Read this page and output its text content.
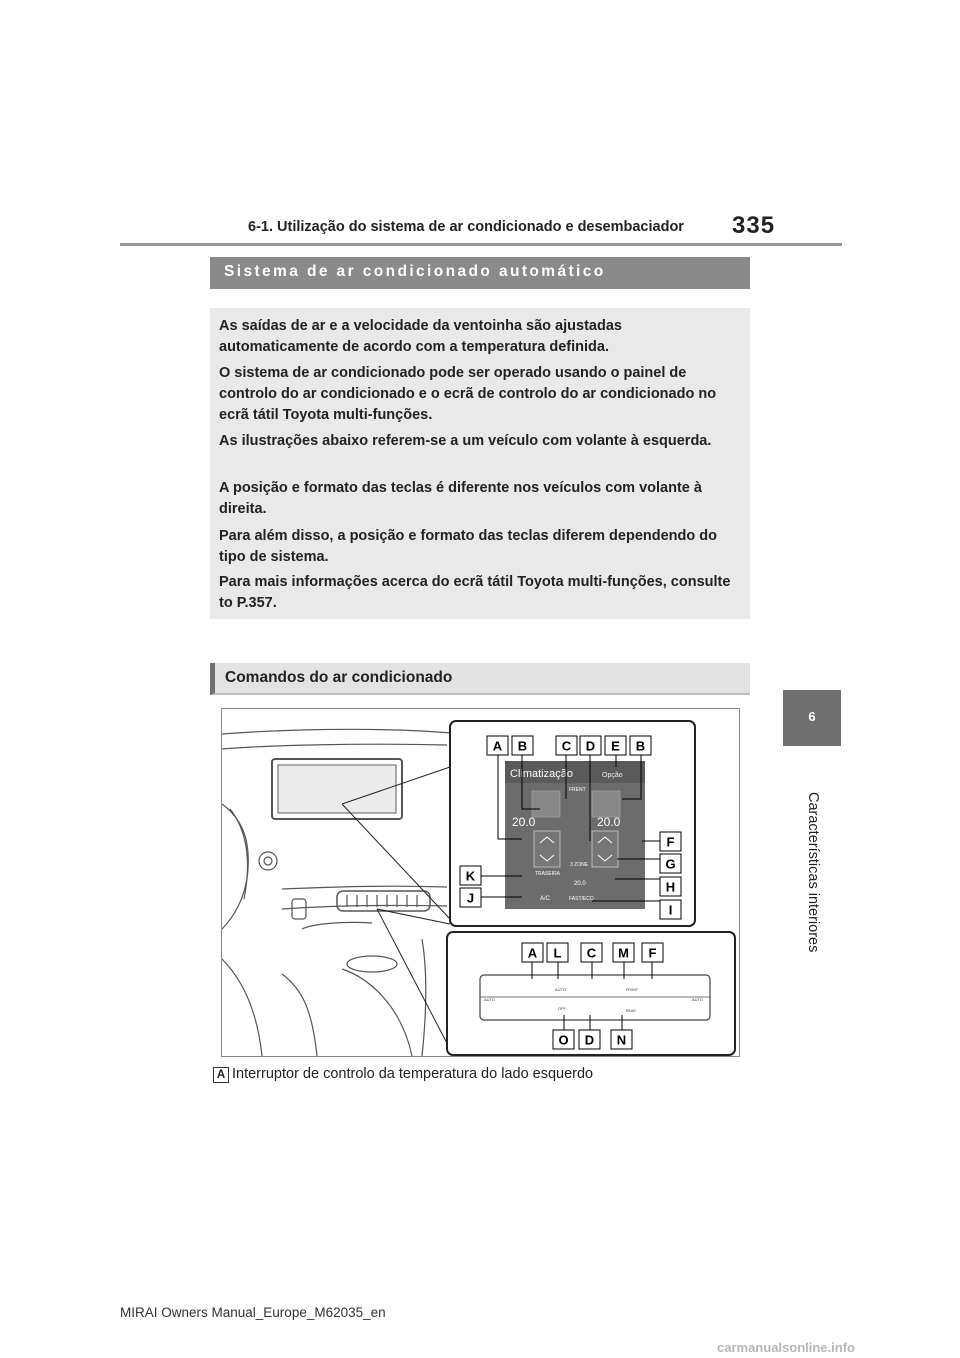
6-1. Utilização do sistema de ar condicionado e desembaciador 335
6
Características interiores
Sistema de ar condicionado automático

As saídas de ar e a velocidade da ventoinha são ajustadas automaticamente de acordo com a temperatura definida.

O sistema de ar condicionado pode ser operado usando o painel de controlo do ar condicionado e o ecrã de controlo do ar condicionado no ecrã tátil Toyota multi-funções.

As ilustrações abaixo referem-se a um veículo com volante à esquerda.

A posição e formato das teclas é diferente nos veículos com volante à direita.

Para além disso, a posição e formato das teclas diferem dependendo do tipo de sistema.

Para mais informações acerca do ecrã tátil Toyota multi-funções, consulte to P.357.

Comandos do ar condicionado
Climatização	Opção
FRENT
20.0	20.0
TRASEIRA
3 ZONE
20.0
A/C	FAST/ECO
AUTO
AUTO
AUTO
OFF
FRONT
REAR
A B	C D E B
F
G
H
I
K
J
A L C M F
O D N
A Interruptor de controlo da temperatura do lado esquerdo
MIRAI Owners Manual_Europe_M62035_en
carmanualsonline.info
